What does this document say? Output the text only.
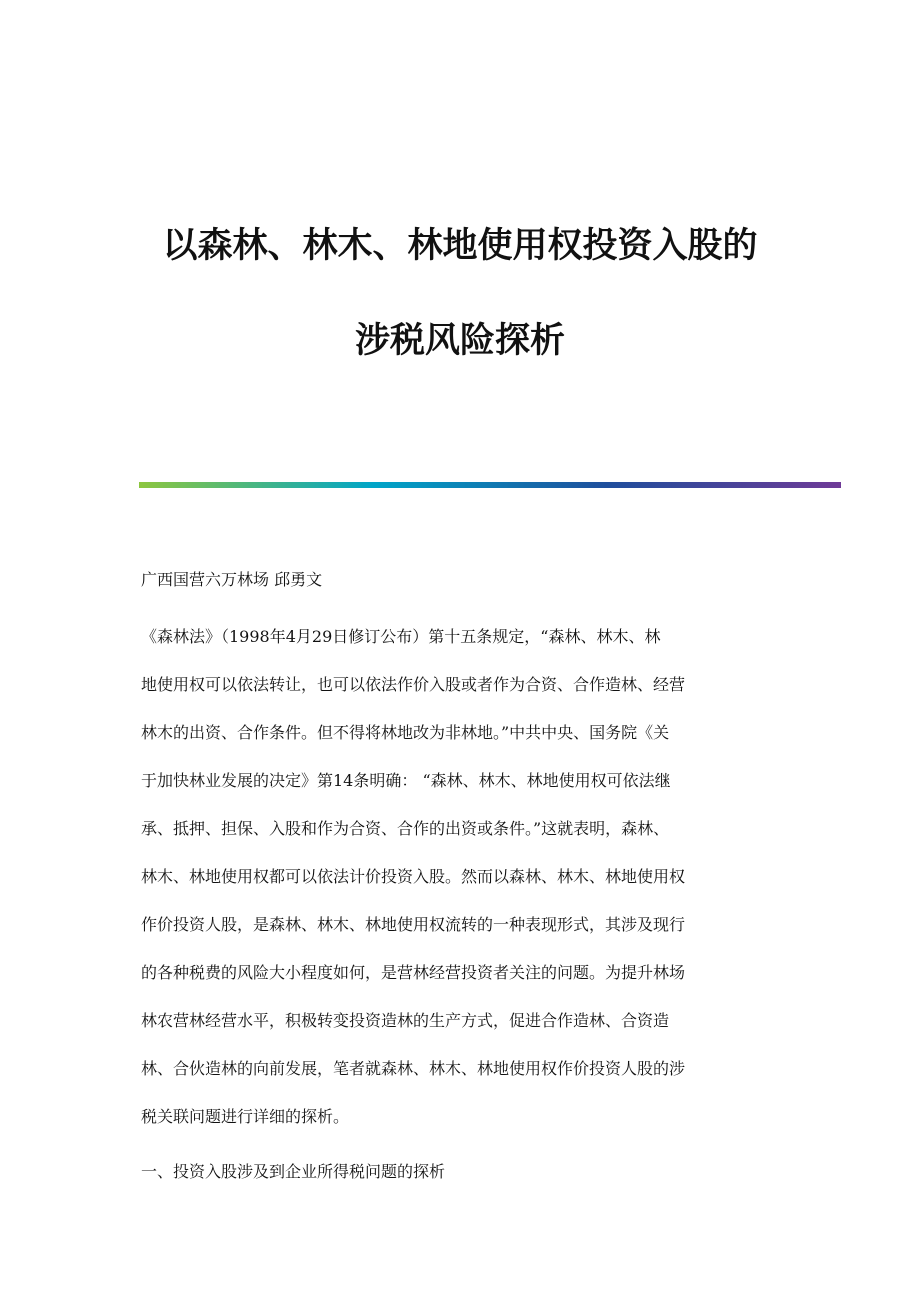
以森林、林木、林地使用权投资入股的
涉税风险探析
广西国营六万林场 邱勇文
《森林法》（1998年4月29日修订公布）第十五条规定，“森林、林木、林
地使用权可以依法转让，也可以依法作价入股或者作为合资、合作造林、经营
林木的出资、合作条件。但不得将林地改为非林地。”中共中央、国务院《关
于加快林业发展的决定》第14条明确： “森林、林木、林地使用权可依法继
承、抵押、担保、入股和作为合资、合作的出资或条件。”这就表明，森林、
林木、林地使用权都可以依法计价投资入股。然而以森林、林木、林地使用权
作价投资人股，是森林、林木、林地使用权流转的一种表现形式，其涉及现行
的各种税费的风险大小程度如何，是营林经营投资者关注的问题。为提升林场
林农营林经营水平，积极转变投资造林的生产方式，促进合作造林、合资造
林、合伙造林的向前发展，笔者就森林、林木、林地使用权作价投资人股的涉
税关联问题进行详细的探析。
一、投资入股涉及到企业所得税问题的探析
